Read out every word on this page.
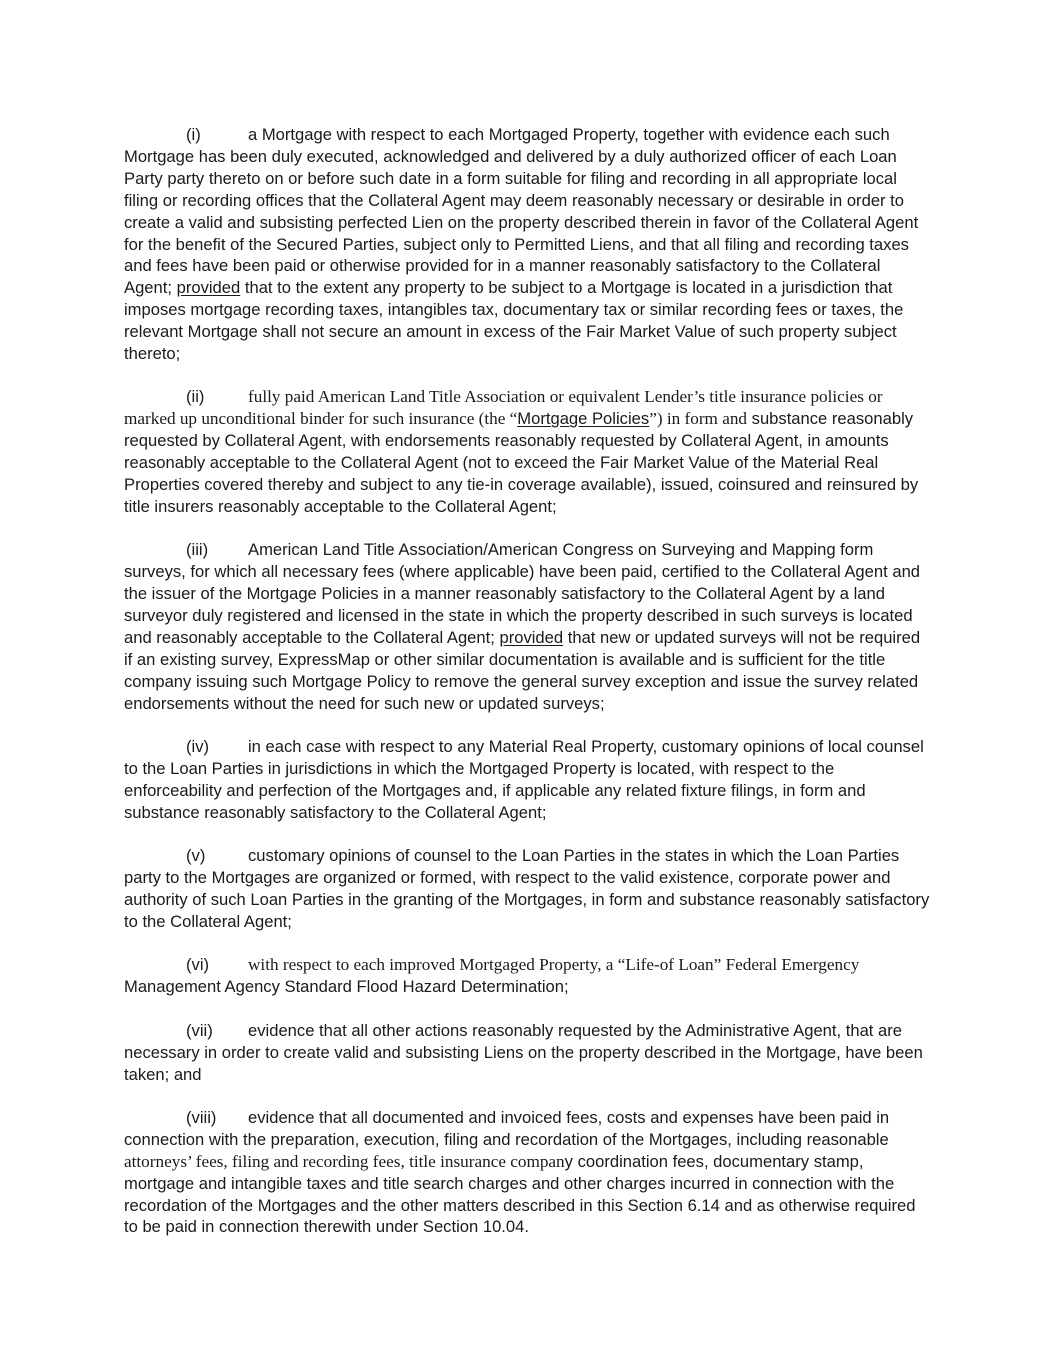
(i)	a Mortgage with respect to each Mortgaged Property, together with evidence each such Mortgage has been duly executed, acknowledged and delivered by a duly authorized officer of each Loan Party party thereto on or before such date in a form suitable for filing and recording in all appropriate local filing or recording offices that the Collateral Agent may deem reasonably necessary or desirable in order to create a valid and subsisting perfected Lien on the property described therein in favor of the Collateral Agent for the benefit of the Secured Parties, subject only to Permitted Liens, and that all filing and recording taxes and fees have been paid or otherwise provided for in a manner reasonably satisfactory to the Collateral Agent; provided that to the extent any property to be subject to a Mortgage is located in a jurisdiction that imposes mortgage recording taxes, intangibles tax, documentary tax or similar recording fees or taxes, the relevant Mortgage shall not secure an amount in excess of the Fair Market Value of such property subject thereto;

(ii)	fully paid American Land Title Association or equivalent Lender’s title insurance policies or marked up unconditional binder for such insurance (the “Mortgage Policies”) in form and substance reasonably requested by Collateral Agent, with endorsements reasonably requested by Collateral Agent, in amounts reasonably acceptable to the Collateral Agent (not to exceed the Fair Market Value of the Material Real Properties covered thereby and subject to any tie-in coverage available), issued, coinsured and reinsured by title insurers reasonably acceptable to the Collateral Agent;

(iii) American Land Title Association/American Congress on Surveying and Mapping form surveys, for which all necessary fees (where applicable) have been paid, certified to the Collateral Agent and the issuer of the Mortgage Policies in a manner reasonably satisfactory to the Collateral Agent by a land surveyor duly registered and licensed in the state in which the property described in such surveys is located and reasonably acceptable to the Collateral Agent; provided that new or updated surveys will not be required if an existing survey, ExpressMap or other similar documentation is available and is sufficient for the title company issuing such Mortgage Policy to remove the general survey exception and issue the survey related endorsements without the need for such new or updated surveys;

(iv) in each case with respect to any Material Real Property, customary opinions of local counsel to the Loan Parties in jurisdictions in which the Mortgaged Property is located, with respect to the enforceability and perfection of the Mortgages and, if applicable any related fixture filings, in form and substance reasonably satisfactory to the Collateral Agent;

(v)	customary opinions of counsel to the Loan Parties in the states in which the Loan Parties party to the Mortgages are organized or formed, with respect to the valid existence, corporate power and authority of such Loan Parties in the granting of the Mortgages, in form and substance reasonably satisfactory to the Collateral Agent;

(vi) with respect to each improved Mortgaged Property, a “Life-of Loan” Federal Emergency Management Agency Standard Flood Hazard Determination;

(vii) evidence that all other actions reasonably requested by the Administrative Agent, that are necessary in order to create valid and subsisting Liens on the property described in the Mortgage, have been taken; and

(viii) evidence that all documented and invoiced fees, costs and expenses have been paid in connection with the preparation, execution, filing and recordation of the Mortgages, including reasonable attorneys’ fees, filing and recording fees, title insurance company coordination fees, documentary stamp, mortgage and intangible taxes and title search charges and other charges incurred in connection with the recordation of the Mortgages and the other matters described in this Section 6.14 and as otherwise required to be paid in connection therewith under Section 10.04.
